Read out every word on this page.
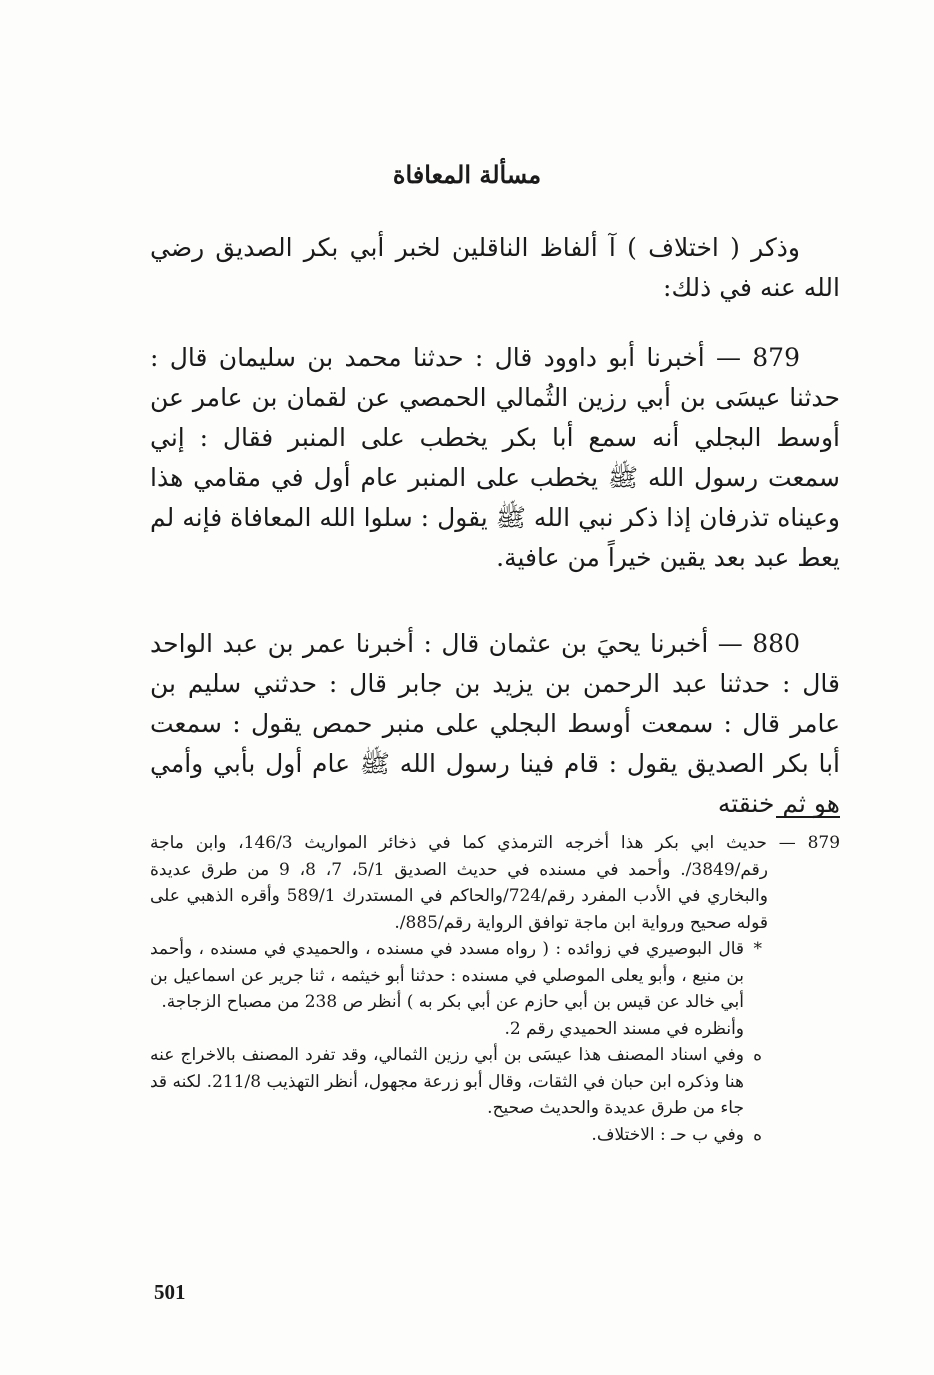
مسألة المعافاة

وذكر ( اختلاف ) آ ألفاظ الناقلين لخبر أبي بكر الصديق رضي الله عنه في ذلك:

879 — أخبرنا أبو داوود قال : حدثنا محمد بن سليمان قال : حدثنا عيسَى بن أبي رزين الثُمالي الحمصي عن لقمان بن عامر عن أوسط البجلي أنه سمع أبا بكر يخطب على المنبر فقال : إني سمعت رسول الله ﷺ يخطب على المنبر عام أول في مقامي هذا وعيناه تذرفان إذا ذكر نبي الله ﷺ يقول : سلوا الله المعافاة فإنه لم يعط عبد بعد يقين خيراً من عافية.

880 — أخبرنا يحيَ بن عثمان قال : أخبرنا عمر بن عبد الواحد قال : حدثنا عبد الرحمن بن يزيد بن جابر قال : حدثني سليم بن عامر قال : سمعت أوسط البجلي على منبر حمص يقول : سمعت أبا بكر الصديق يقول : قام فينا رسول الله ﷺ عام أول بأبي وأمي هو ثم خنقته

879 — حديث ابي بكر هذا أخرجه الترمذي كما في ذخائر المواريث 146/3، وابن ماجة رقم/3849/. وأحمد في مسنده في حديث الصديق 5/1، 7، 8، 9 من طرق عديدة والبخاري في الأدب المفرد رقم/724/والحاكم في المستدرك 589/1 وأقره الذهبي على قوله صحيح ورواية ابن ماجة توافق الرواية رقم/885/.

*
قال البوصيري في زوائده : ( رواه مسدد في مسنده ، والحميدي في مسنده ، وأحمد بن منيع ، وأبو يعلى الموصلي في مسنده : حدثنا أبو خيثمه ، ثنا جرير عن اسماعيل بن أبي خالد عن قيس بن أبي حازم عن أبي بكر به ) أنظر ص 238 من مصباح الزجاجة.

وأنظره في مسند الحميدي رقم 2.

ه
وفي اسناد المصنف هذا عيسَى بن أبي رزين الثمالي، وقد تفرد المصنف بالاخراج عنه هنا وذكره ابن حبان في الثقات، وقال أبو زرعة مجهول، أنظر التهذيب 211/8. لكنه قد جاء من طرق عديدة والحديث صحيح.

ه
وفي ب حـ : الاختلاف.

501
